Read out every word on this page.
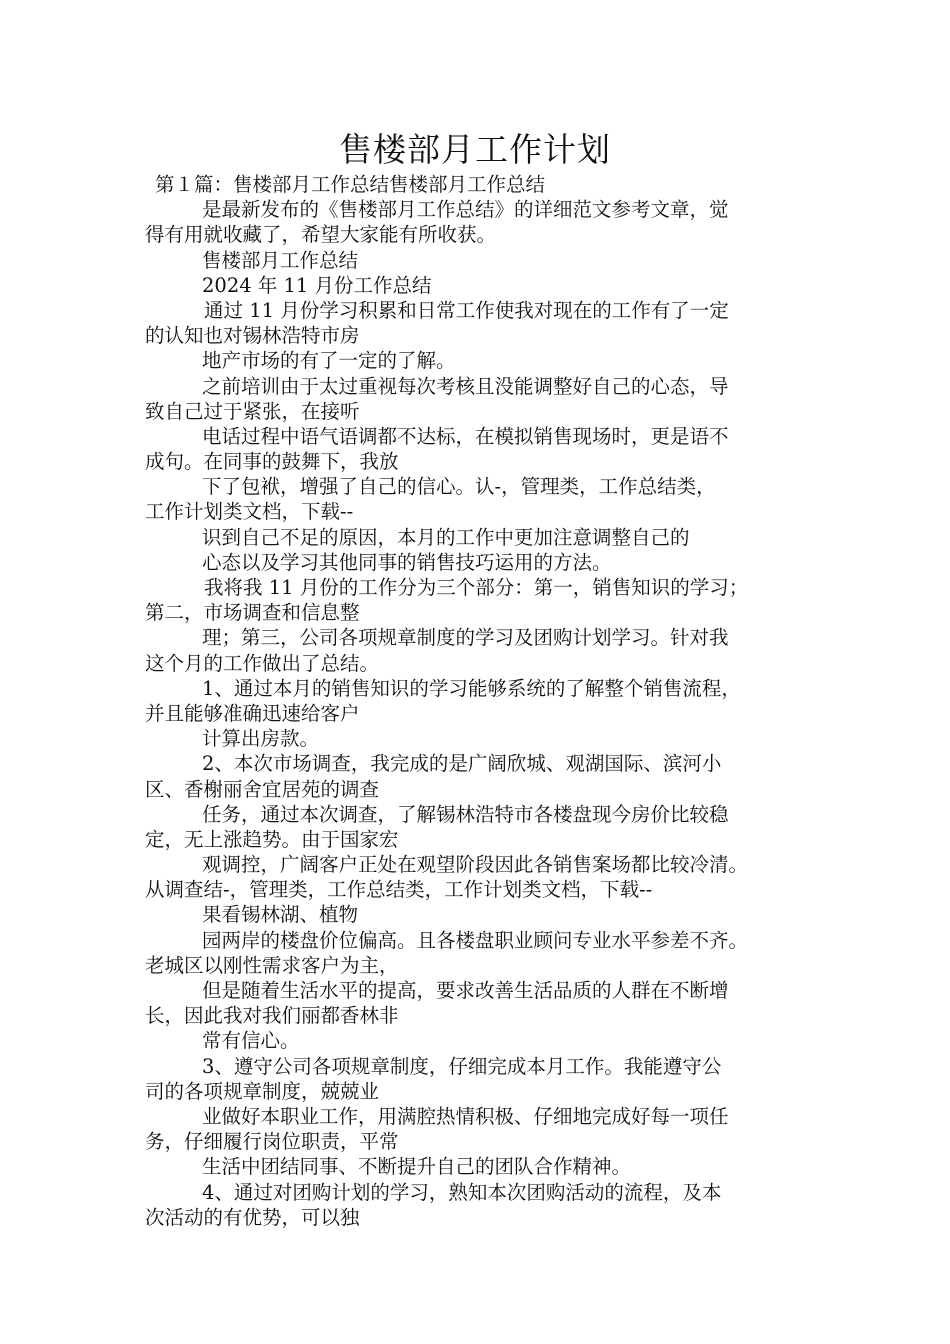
售楼部月工作计划
第１篇：售楼部月工作总结售楼部月工作总结
是最新发布的《售楼部月工作总结》的详细范文参考文章，觉
得有用就收藏了，希望大家能有所收获。
售楼部月工作总结
2024 年 11 月份工作总结
通过 11 月份学习积累和日常工作使我对现在的工作有了一定
的认知也对锡林浩特市房
地产市场的有了一定的了解。
之前培训由于太过重视每次考核且没能调整好自己的心态，导
致自己过于紧张，在接听
电话过程中语气语调都不达标，在模拟销售现场时，更是语不
成句。在同事的鼓舞下，我放
下了包袱，增强了自己的信心。认-，管理类，工作总结类，
工作计划类文档，下载--
识到自己不足的原因，本月的工作中更加注意调整自己的
心态以及学习其他同事的销售技巧运用的方法。
我将我 11 月份的工作分为三个部分：第一，销售知识的学习；
第二，市场调查和信息整
理；第三，公司各项规章制度的学习及团购计划学习。针对我
这个月的工作做出了总结。
1、通过本月的销售知识的学习能够系统的了解整个销售流程，
并且能够准确迅速给客户
计算出房款。
2、本次市场调查，我完成的是广阔欣城、观湖国际、滨河小
区、香榭丽舍宜居苑的调查
任务，通过本次调查，了解锡林浩特市各楼盘现今房价比较稳
定，无上涨趋势。由于国家宏
观调控，广阔客户正处在观望阶段因此各销售案场都比较冷清。
从调查结-，管理类，工作总结类，工作计划类文档，下载--
果看锡林湖、植物
园两岸的楼盘价位偏高。且各楼盘职业顾问专业水平参差不齐。
老城区以刚性需求客户为主，
但是随着生活水平的提高，要求改善生活品质的人群在不断增
长，因此我对我们丽都香林非
常有信心。
3、遵守公司各项规章制度，仔细完成本月工作。我能遵守公
司的各项规章制度，兢兢业
业做好本职业工作，用满腔热情积极、仔细地完成好每一项任
务，仔细履行岗位职责，平常
生活中团结同事、不断提升自己的团队合作精神。
4、通过对团购计划的学习，熟知本次团购活动的流程，及本
次活动的有优势，可以独
